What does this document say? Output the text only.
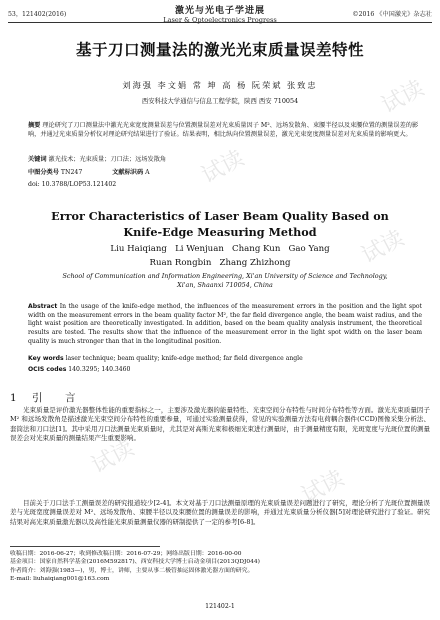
试读
试读
试读
试读
试读
53，121402(2016)	激光与光电子学进展
Laser & Optoelectronics Progress
©2016 《中国激光》杂志社
基于刀口测量法的激光光束质量误差特性
刘海强 李文娟 常 坤 高 杨 阮荣斌 张致忠
西安科技大学通信与信息工程学院，陕西 西安 710054
摘要 理论研究了刀口测量法中激光光束宽度测量误差与位置测量误差对光束质量因子 M²、远场发散角、束腰半径以及束腰位置的测量误差的影响，并通过光束质量分析仪对理论研究结果进行了验证。结果表明，相比纵向位置测量误差，激光光束宽度测量误差对光束质量的影响更大。
关键词 激光技术；光束质量；刀口法；远场发散角
中图分类号 TN247	文献标识码 A
doi: 10.3788/LOP53.121402
Error Characteristics of Laser Beam Quality Based on
Knife-Edge Measuring Method
Liu Haiqiang   Li Wenjuan   Chang Kun   Gao Yang
Ruan Rongbin   Zhang Zhizhong
School of Communication and Information Engineering, Xi'an University of Science and Technology,
Xi'an, Shaanxi 710054, China
Abstract In the usage of the knife-edge method, the influences of the measurement errors in the position and the light spot width on the measurement errors in the beam quality factor M², the far field divergence angle, the beam waist radius, and the light waist position are theoretically investigated. In addition, based on the beam quality analysis instrument, the theoretical results are tested. The results show that the influence of the measurement error in the light spot width on the laser beam quality is much stronger than that in the longitudinal position.
Key words laser technique; beam quality; knife-edge method; far field divergence angle
OCIS codes 140.3295; 140.3460
1 引　言
光束质量是评价激光器整体性能的重要指标之一，主要涉及激光器的能量特性、光束空间分布特性与时间分布特性等方面。激光光束质量因子 M² 和远场发散角是描述激光光束空间分布特性的重要参量，可通过实验测量获得，常见的实验测量方法有电荷耦合器件(CCD)图像采集分析法、套筒法和刀口法[1]。其中采用刀口法测量光束质量时，尤其是对高斯光束和极细光束进行测量时，由于测量精度有限，光斑宽度与光斑位置的测量误差会对光束质量的测量结果产生重要影响。
目前关于刀口法手工测量误差的研究报道较少[2-4]。本文对基于刀口法测量原理的光束质量误差问题进行了研究，理论分析了光斑位置测量误差与光斑宽度测量误差对 M²、远场发散角、束腰半径以及束腰位置的测量误差的影响，并通过光束质量分析仪器[5]对理论研究进行了验证。研究结果对高光束质量激光器以及高性能光束质量测量仪器的研制提供了一定的参考[6-8]。
收稿日期：2016-06-27；收到修改稿日期：2016-07-29；网络出版日期：2016-00-00
基金项目：国家自然科学基金(2016M592817)、西安科技大学博士启动金项目(2013QDJ044)
作者简介：刘海强(1983—)，男，博士，讲师，主要从事二极管抽运固体激光器方面的研究。
E-mail: liuhaiqiang001@163.com
121402-1
